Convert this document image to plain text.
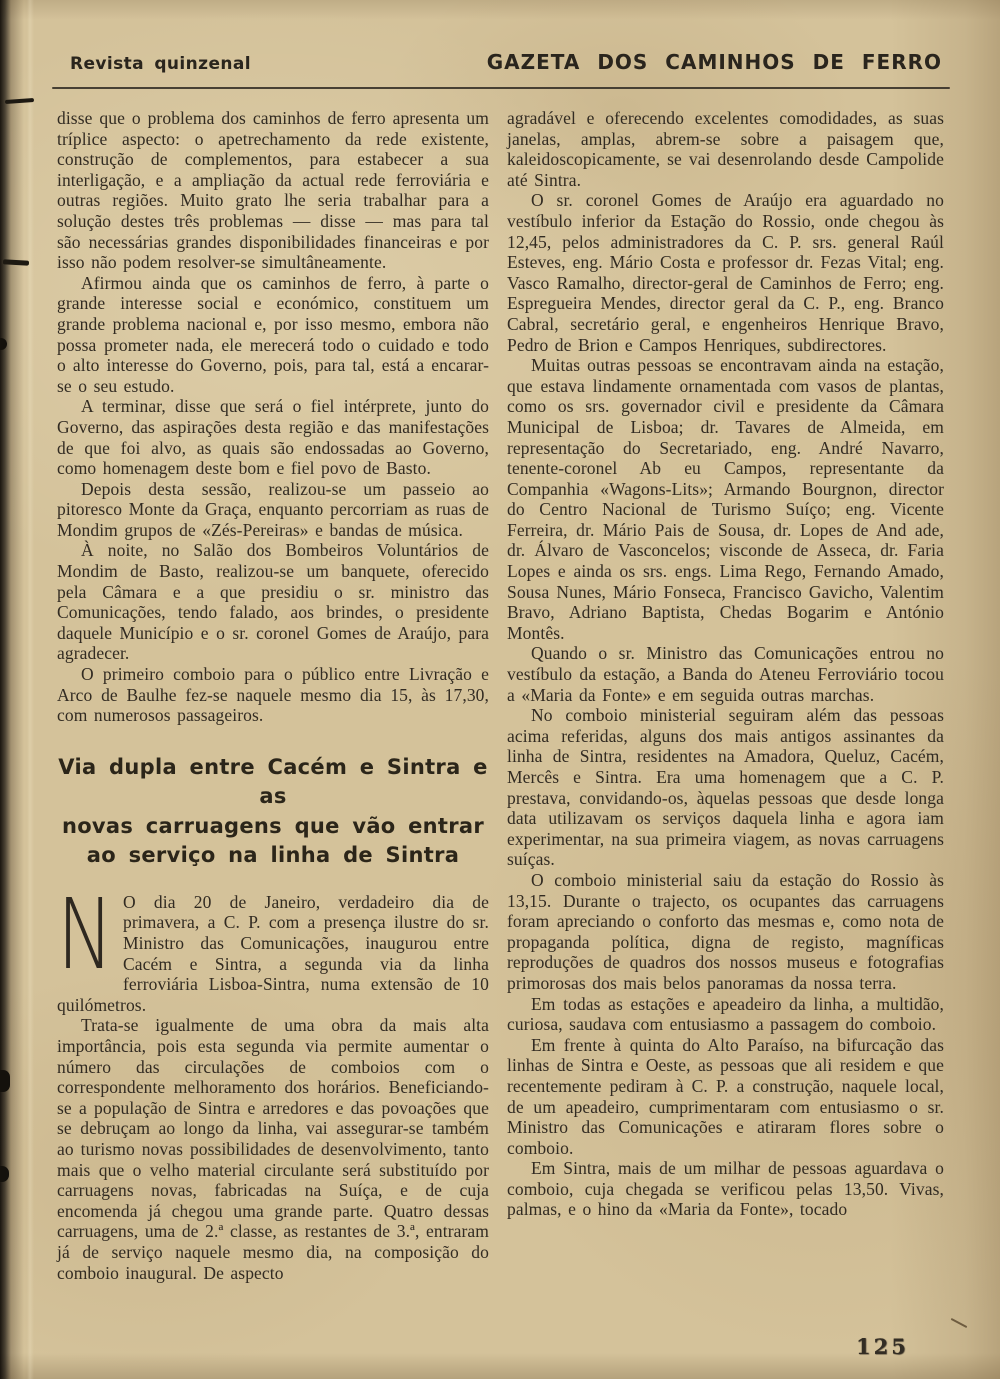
Revista quinzenal	GAZETA DOS CAMINHOS DE FERRO

disse que o problema dos caminhos de ferro apresenta um tríplice aspecto: o apetrechamento da rede existente, construção de complementos, para estabecer a sua interligação, e a ampliação da actual rede ferroviária e outras regiões. Muito grato lhe seria trabalhar para a solução destes três problemas — disse — mas para tal são necessárias grandes disponibilidades financeiras e por isso não podem resolver-se simultâneamente.

Afirmou ainda que os caminhos de ferro, à parte o grande interesse social e económico, constituem um grande problema nacional e, por isso mesmo, embora não possa prometer nada, ele merecerá todo o cuidado e todo o alto interesse do Governo, pois, para tal, está a encarar-se o seu estudo.

A terminar, disse que será o fiel intérprete, junto do Governo, das aspirações desta região e das manifestações de que foi alvo, as quais são endossadas ao Governo, como homenagem deste bom e fiel povo de Basto.

Depois desta sessão, realizou-se um passeio ao pitoresco Monte da Graça, enquanto percorriam as ruas de Mondim grupos de «Zés-Pereiras» e bandas de música.

À noite, no Salão dos Bombeiros Voluntários de Mondim de Basto, realizou-se um banquete, oferecido pela Câmara e a que presidiu o sr. ministro das Comunicações, tendo falado, aos brindes, o presidente daquele Município e o sr. coronel Gomes de Araújo, para agradecer.

O primeiro comboio para o público entre Livração e Arco de Baulhe fez-se naquele mesmo dia 15, às 17,30, com numerosos passageiros.

Via dupla entre Cacém e Sintra e as
novas carruagens que vão entrar
ao serviço na linha de Sintra

N O dia 20 de Janeiro, verdadeiro dia de primavera, a C. P. com a presença ilustre do sr. Ministro das Comunicações, inaugurou entre Cacém e Sintra, a segunda via da linha ferroviária Lisboa-Sintra, numa extensão de 10 quilómetros.

Trata-se igualmente de uma obra da mais alta importância, pois esta segunda via permite aumentar o número das circulações de comboios com o correspondente melhoramento dos horários. Beneficiando-se a população de Sintra e arredores e das povoações que se debruçam ao longo da linha, vai assegurar-se também ao turismo novas possibilidades de desenvolvimento, tanto mais que o velho material circulante será substituído por carruagens novas, fabricadas na Suíça, e de cuja encomenda já chegou uma grande parte. Quatro dessas carruagens, uma de 2.ª classe, as restantes de 3.ª, entraram já de serviço naquele mesmo dia, na composição do comboio inaugural. De aspecto

agradável e oferecendo excelentes comodidades, as suas janelas, amplas, abrem-se sobre a paisagem que, kaleidoscopicamente, se vai desenrolando desde Campolide até Sintra.

O sr. coronel Gomes de Araújo era aguardado no vestíbulo inferior da Estação do Rossio, onde chegou às 12,45, pelos administradores da C. P. srs. general Raúl Esteves, eng. Mário Costa e professor dr. Fezas Vital; eng. Vasco Ramalho, director-geral de Caminhos de Ferro; eng. Espregueira Mendes, director geral da C. P., eng. Branco Cabral, secretário geral, e engenheiros Henrique Bravo, Pedro de Brion e Campos Henriques, subdirectores.

Muitas outras pessoas se encontravam ainda na estação, que estava lindamente ornamentada com vasos de plantas, como os srs. governador civil e presidente da Câmara Municipal de Lisboa; dr. Tavares de Almeida, em representação do Secretariado, eng. André Navarro, tenente-coronel Ab eu Campos, representante da Companhia «Wagons-Lits»; Armando Bourgnon, director do Centro Nacional de Turismo Suíço; eng. Vicente Ferreira, dr. Mário Pais de Sousa, dr. Lopes de And ade, dr. Álvaro de Vasconcelos; visconde de Asseca, dr. Faria Lopes e ainda os srs. engs. Lima Rego, Fernando Amado, Sousa Nunes, Mário Fonseca, Francisco Gavicho, Valentim Bravo, Adriano Baptista, Chedas Bogarim e António Montês.

Quando o sr. Ministro das Comunicações entrou no vestíbulo da estação, a Banda do Ateneu Ferroviário tocou a «Maria da Fonte» e em seguida outras marchas.

No comboio ministerial seguiram além das pessoas acima referidas, alguns dos mais antigos assinantes da linha de Sintra, residentes na Amadora, Queluz, Cacém, Mercês e Sintra. Era uma homenagem que a C. P. prestava, convidando-os, àquelas pessoas que desde longa data utilizavam os serviços daquela linha e agora iam experimentar, na sua primeira viagem, as novas carruagens suíças.

O comboio ministerial saiu da estação do Rossio às 13,15. Durante o trajecto, os ocupantes das carruagens foram apreciando o conforto das mesmas e, como nota de propaganda política, digna de registo, magníficas reproduções de quadros dos nossos museus e fotografias primorosas dos mais belos panoramas da nossa terra.

Em todas as estações e apeadeiro da linha, a multidão, curiosa, saudava com entusiasmo a passagem do comboio.

Em frente à quinta do Alto Paraíso, na bifurcação das linhas de Sintra e Oeste, as pessoas que ali residem e que recentemente pediram à C. P. a construção, naquele local, de um apeadeiro, cumprimentaram com entusiasmo o sr. Ministro das Comunicações e atiraram flores sobre o comboio.

Em Sintra, mais de um milhar de pessoas aguardava o comboio, cuja chegada se verificou pelas 13,50. Vivas, palmas, e o hino da «Maria da Fonte», tocado

125
